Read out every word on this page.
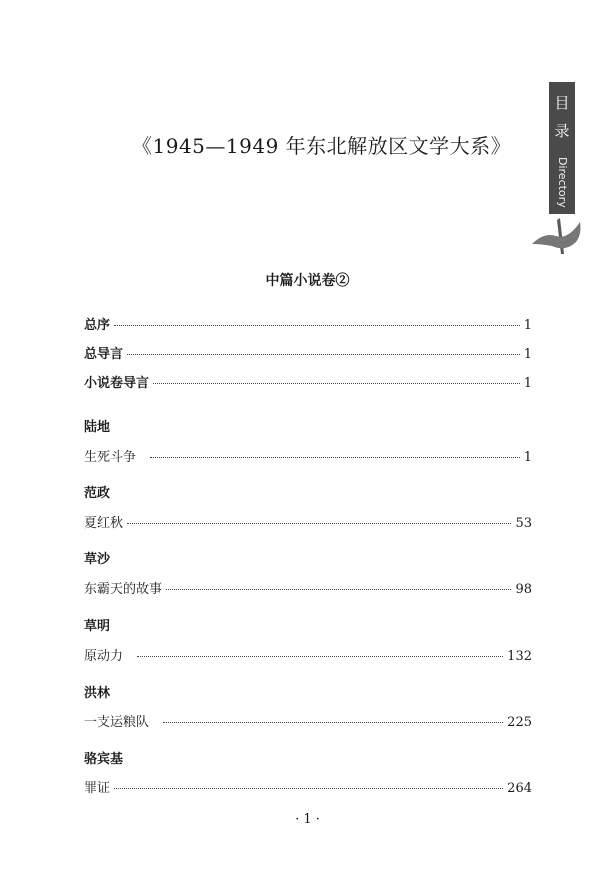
目
录
Directory
《1945—1949 年东北解放区文学大系》
中篇小说卷②
总序	1
总导言	1
小说卷导言	1
陆地
生死斗争	1
范政
夏红秋	53
草沙
东霸天的故事	98
草明
原动力	132
洪林
一支运粮队	225
骆宾基
罪证	264
· 1 ·
